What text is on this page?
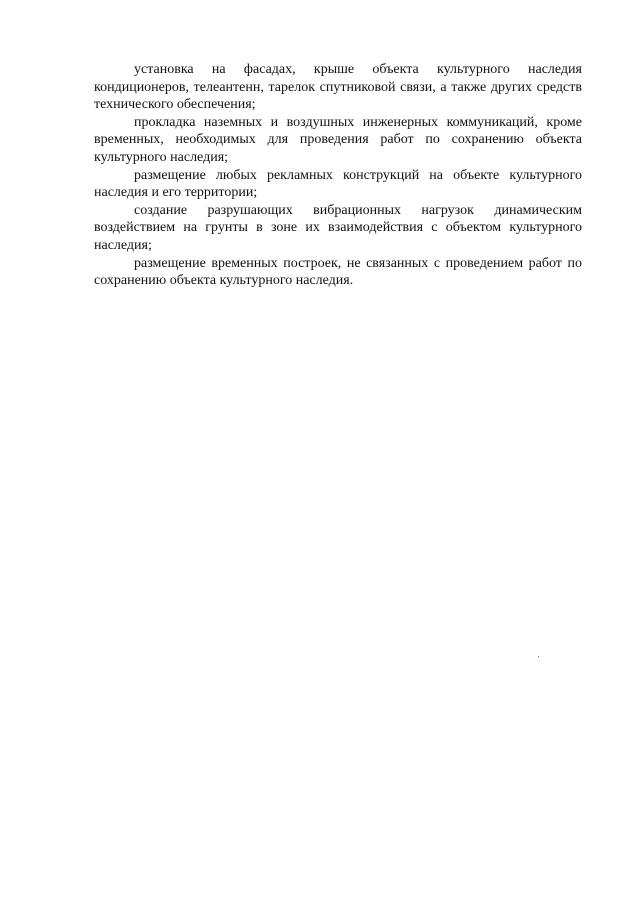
установка на фасадах, крыше объекта культурного наследия кондиционеров, телеантенн, тарелок спутниковой связи, а также других средств технического обеспечения;

прокладка наземных и воздушных инженерных коммуникаций, кроме временных, необходимых для проведения работ по сохранению объекта культурного наследия;

размещение любых рекламных конструкций на объекте культурного наследия и его территории;

создание разрушающих вибрационных нагрузок динамическим воздействием на грунты в зоне их взаимодействия с объектом культурного наследия;

размещение временных построек, не связанных с проведением работ по сохранению объекта культурного наследия.
